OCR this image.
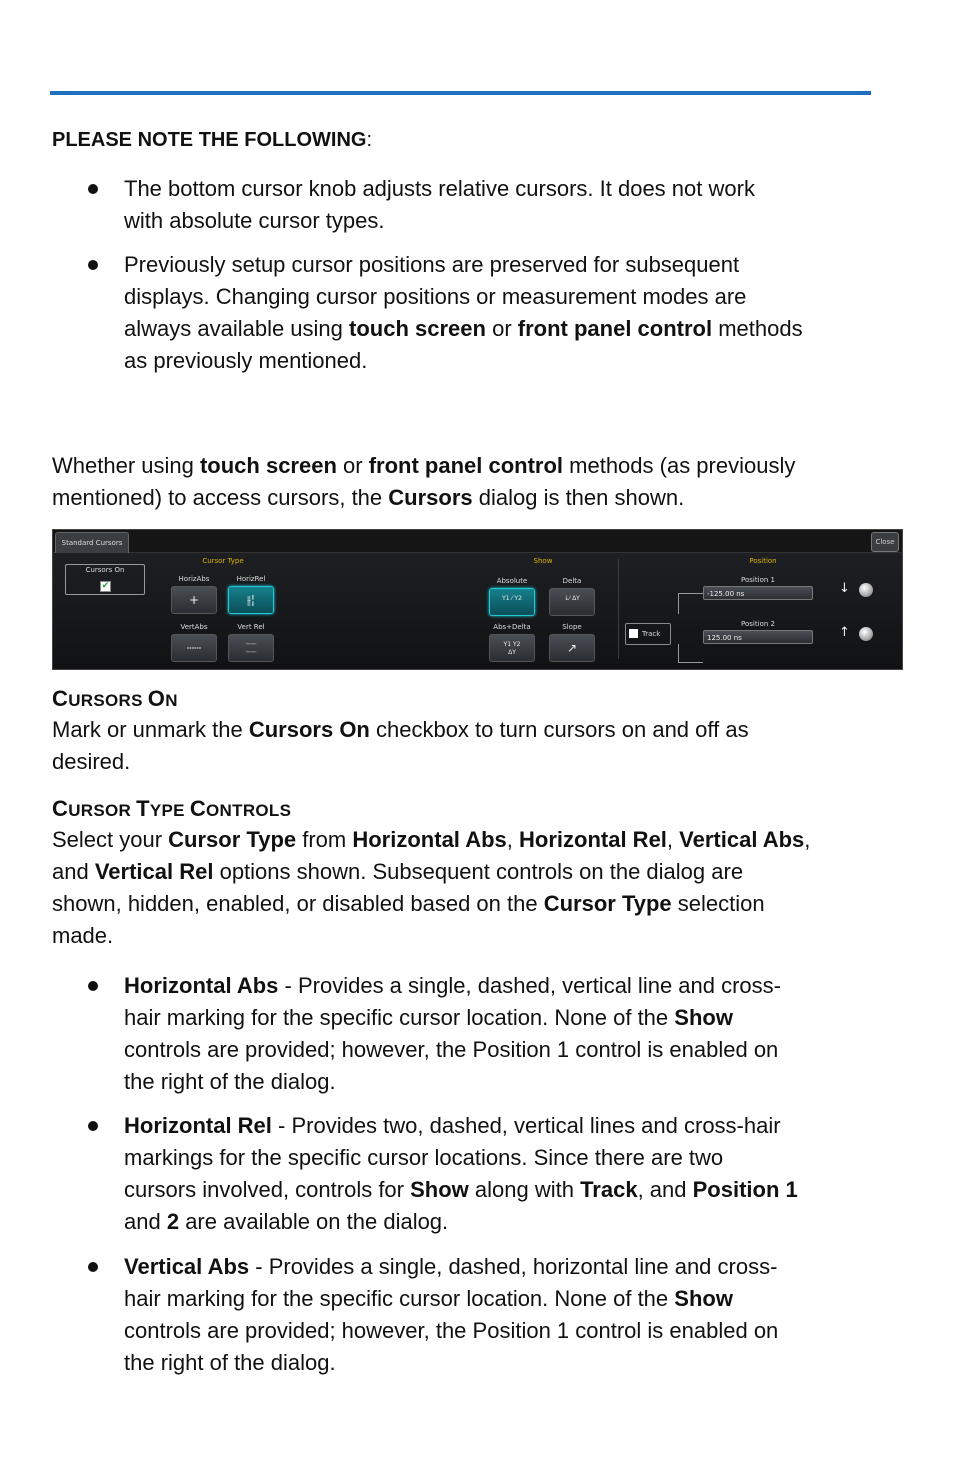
PLEASE NOTE THE FOLLOWING:
The bottom cursor knob adjusts relative cursors. It does not work
with absolute cursor types.
Previously setup cursor positions are preserved for subsequent
displays. Changing cursor positions or measurement modes are
always available using touch screen or front panel control methods
as previously mentioned.
Whether using touch screen or front panel control methods (as previously
mentioned) to access cursors, the Cursors dialog is then shown.
Standard Cursors	Close
Cursors On
✔
Cursor Type
HorizAbs
+
HorizRel
⫲¦
VertAbs
┄┄
Vert Rel
┄┄┄
┄┄┄
Show
Absolute
Y1 ⁄ Y2
Delta
↓⁄ ΔY
Abs+Delta
Y1 Y2
ΔY
Slope
↗
Position
Track
Position 1
-125.00 ns	↓
Position 2
125.00 ns	↑
CURSORS ON
Mark or unmark the Cursors On checkbox to turn cursors on and off as
desired.
CURSOR TYPE CONTROLS
Select your Cursor Type from Horizontal Abs, Horizontal Rel, Vertical Abs,
and Vertical Rel options shown. Subsequent controls on the dialog are
shown, hidden, enabled, or disabled based on the Cursor Type selection
made.
Horizontal Abs - Provides a single, dashed, vertical line and cross-
hair marking for the specific cursor location. None of the Show
controls are provided; however, the Position 1 control is enabled on
the right of the dialog.
Horizontal Rel - Provides two, dashed, vertical lines and cross-hair
markings for the specific cursor locations. Since there are two
cursors involved, controls for Show along with Track, and Position 1
and 2 are available on the dialog.
Vertical Abs - Provides a single, dashed, horizontal line and cross-
hair marking for the specific cursor location. None of the Show
controls are provided; however, the Position 1 control is enabled on
the right of the dialog.
